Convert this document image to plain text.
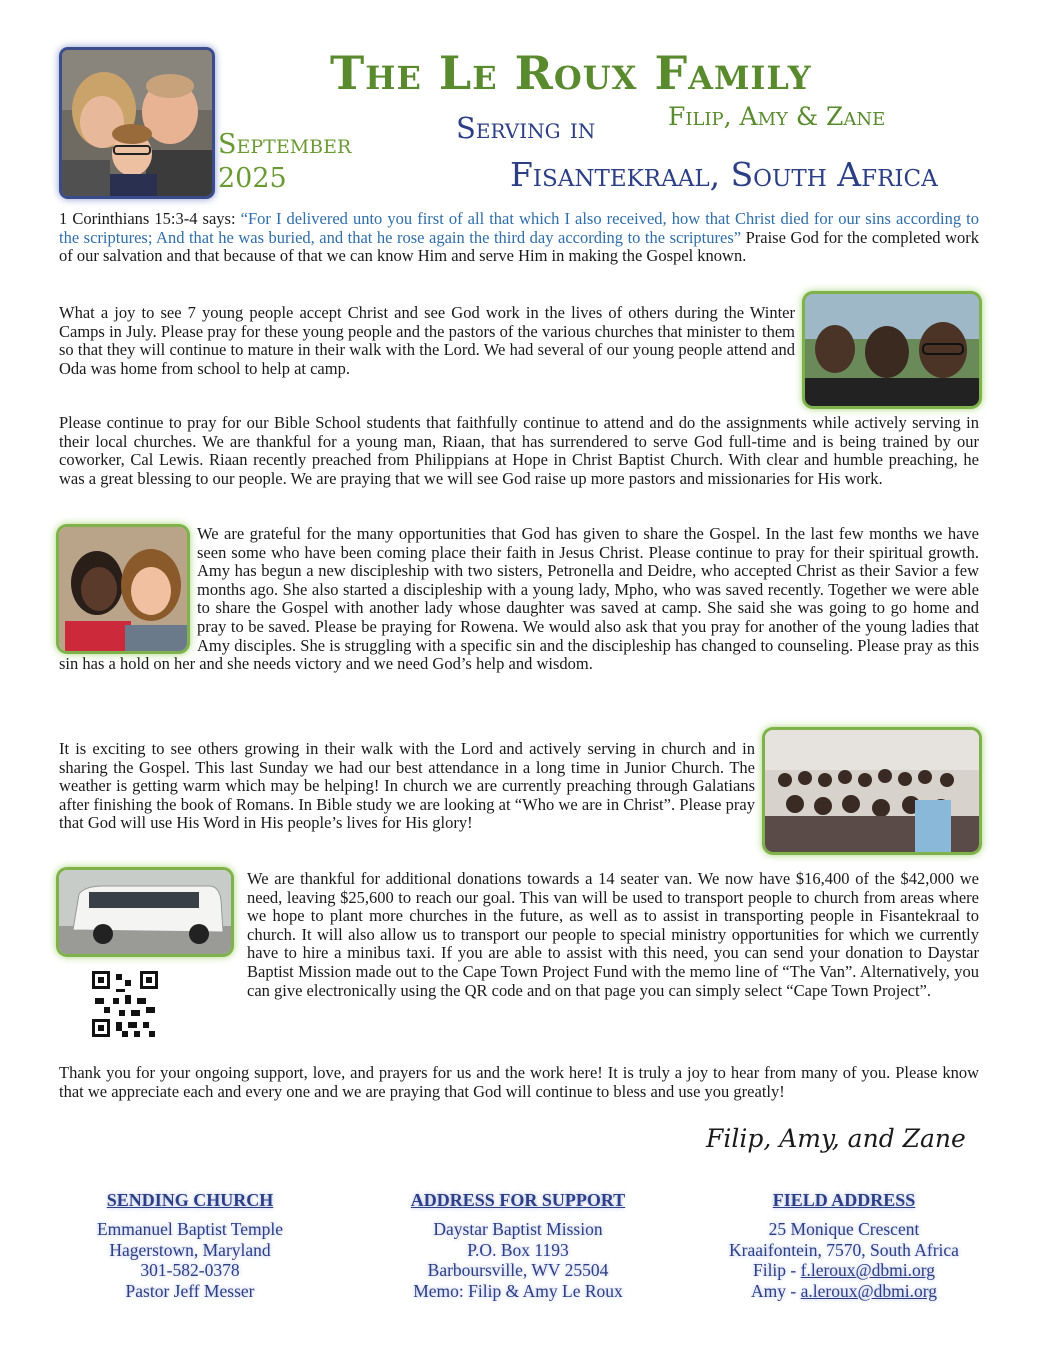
The Le Roux Family
Filip, Amy & Zane
September
2025
Serving in
Fisantekraal, South Africa

1 Corinthians 15:3-4 says: “For I delivered unto you first of all that which I also received, how that Christ died for our sins according to the scriptures; And that he was buried, and that he rose again the third day according to the scriptures” Praise God for the completed work of our salvation and that because of that we can know Him and serve Him in making the Gospel known.

What a joy to see 7 young people accept Christ and see God work in the lives of others during the Winter Camps in July. Please pray for these young people and the pastors of the various churches that minister to them so that they will continue to mature in their walk with the Lord. We had several of our young people attend and Oda was home from school to help at camp.

Please continue to pray for our Bible School students that faithfully continue to attend and do the assignments while actively serving in their local churches. We are thankful for a young man, Riaan, that has surrendered to serve God full-time and is being trained by our coworker, Cal Lewis. Riaan recently preached from Philippians at Hope in Christ Baptist Church. With clear and humble preaching, he was a great blessing to our people. We are praying that we will see God raise up more pastors and missionaries for His work.

We are grateful for the many opportunities that God has given to share the Gospel. In the last few months we have seen some who have been coming place their faith in Jesus Christ. Please continue to pray for their spiritual growth. Amy has begun a new discipleship with two sisters, Petronella and Deidre, who accepted Christ as their Savior a few months ago. She also started a discipleship with a young lady, Mpho, who was saved recently. Together we were able to share the Gospel with another lady whose daughter was saved at camp. She said she was going to go home and pray to be saved. Please be praying for Rowena. We would also ask that you pray for another of the young ladies that Amy disciples. She is struggling with a specific sin and the discipleship has changed to counseling. Please pray as this sin has a hold on her and she needs victory and we need God’s help and wisdom.
It is exciting to see others growing in their walk with the Lord and actively serving in church and in sharing the Gospel. This last Sunday we had our best attendance in a long time in Junior Church. The weather is getting warm which may be helping! In church we are currently preaching through Galatians after finishing the book of Romans. In Bible study we are looking at “Who we are in Christ”. Please pray that God will use His Word in His people’s lives for His glory!
We are thankful for additional donations towards a 14 seater van. We now have $16,400 of the $42,000 we need, leaving $25,600 to reach our goal. This van will be used to transport people to church from areas where we hope to plant more churches in the future, as well as to assist in transporting people in Fisantekraal to church. It will also allow us to transport our people to special ministry opportunities for which we currently have to hire a minibus taxi. If you are able to assist with this need, you can send your donation to Daystar Baptist Mission made out to the Cape Town Project Fund with the memo line of “The Van”. Alternatively, you can give electronically using the QR code and on that page you can simply select “Cape Town Project”.

Thank you for your ongoing support, love, and prayers for us and the work here! It is truly a joy to hear from many of you. Please know that we appreciate each and every one and we are praying that God will continue to bless and use you greatly!

Filip, Amy, and Zane
SENDING CHURCH
Emmanuel Baptist Temple
Hagerstown, Maryland
301-582-0378
Pastor Jeff Messer
ADDRESS FOR SUPPORT
Daystar Baptist Mission
P.O. Box 1193
Barboursville, WV 25504
Memo: Filip & Amy Le Roux
FIELD ADDRESS
25 Monique Crescent
Kraaifontein, 7570, South Africa
Filip - f.leroux@dbmi.org
Amy - a.leroux@dbmi.org
